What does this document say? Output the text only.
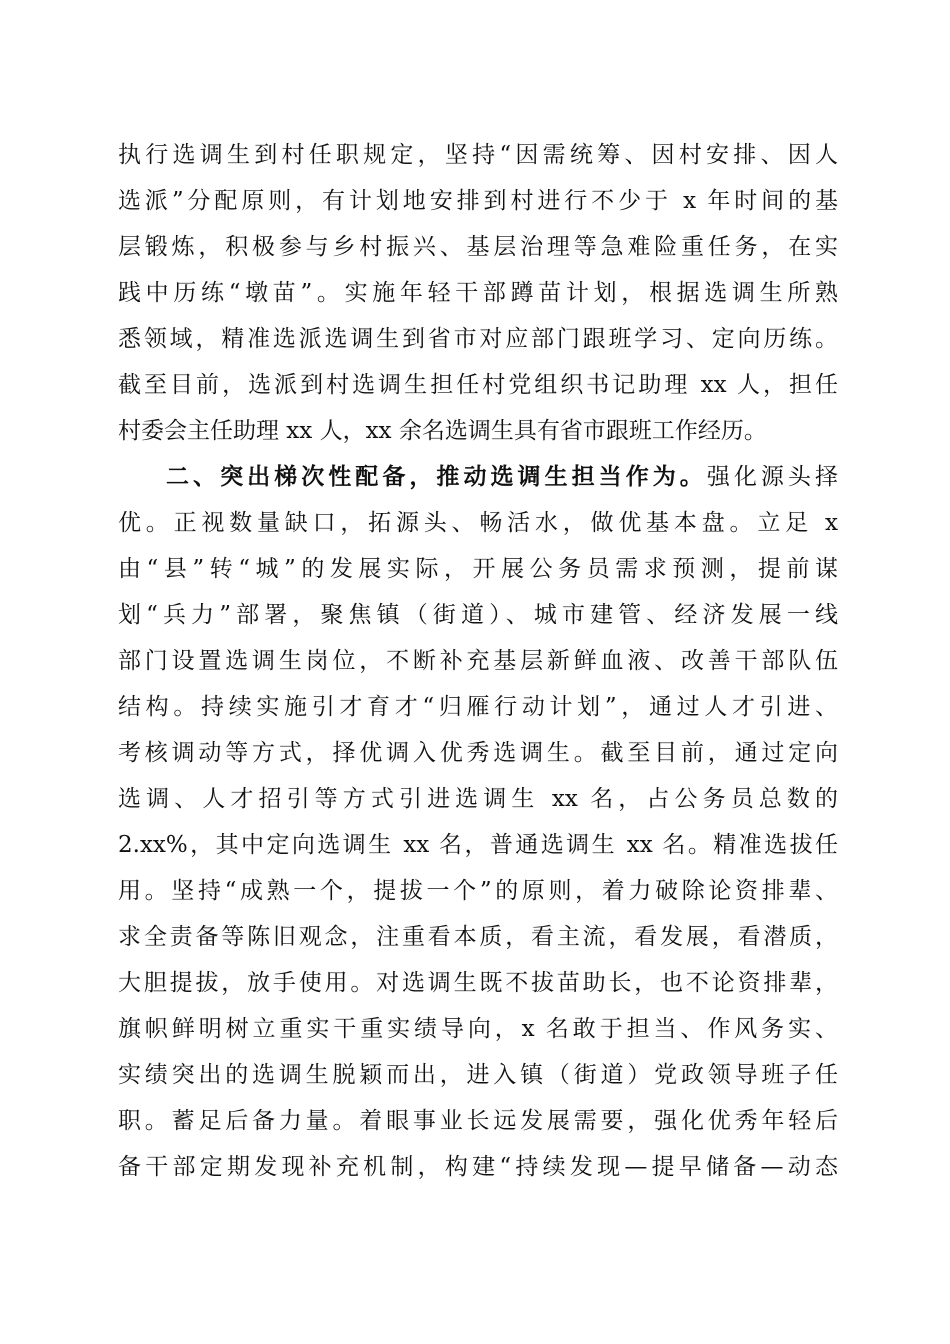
执行选调生到村任职规定，坚持“因需统筹、因村安排、因人
选派”分配原则，有计划地安排到村进行不少于 x 年时间的基
层锻炼，积极参与乡村振兴、基层治理等急难险重任务，在实
践中历练“墩苗”。实施年轻干部蹲苗计划，根据选调生所熟
悉领域，精准选派选调生到省市对应部门跟班学习、定向历练。
截至目前，选派到村选调生担任村党组织书记助理 xx 人，担任
村委会主任助理 xx 人，xx 余名选调生具有省市跟班工作经历。
二、突出梯次性配备，推动选调生担当作为。强化源头择
优。正视数量缺口，拓源头、畅活水，做优基本盘。立足 x
由“县”转“城”的发展实际，开展公务员需求预测，提前谋
划“兵力”部署，聚焦镇（街道）、城市建管、经济发展一线
部门设置选调生岗位，不断补充基层新鲜血液、改善干部队伍
结构。持续实施引才育才“归雁行动计划”，通过人才引进、
考核调动等方式，择优调入优秀选调生。截至目前，通过定向
选调、人才招引等方式引进选调生 xx 名，占公务员总数的
2.xx%，其中定向选调生 xx 名，普通选调生 xx 名。精准选拔任
用。坚持“成熟一个，提拔一个”的原则，着力破除论资排辈、
求全责备等陈旧观念，注重看本质，看主流，看发展，看潜质，
大胆提拔，放手使用。对选调生既不拔苗助长，也不论资排辈，
旗帜鲜明树立重实干重实绩导向，x 名敢于担当、作风务实、
实绩突出的选调生脱颖而出，进入镇（街道）党政领导班子任
职。蓄足后备力量。着眼事业长远发展需要，强化优秀年轻后
备干部定期发现补充机制，构建“持续发现—提早储备—动态
